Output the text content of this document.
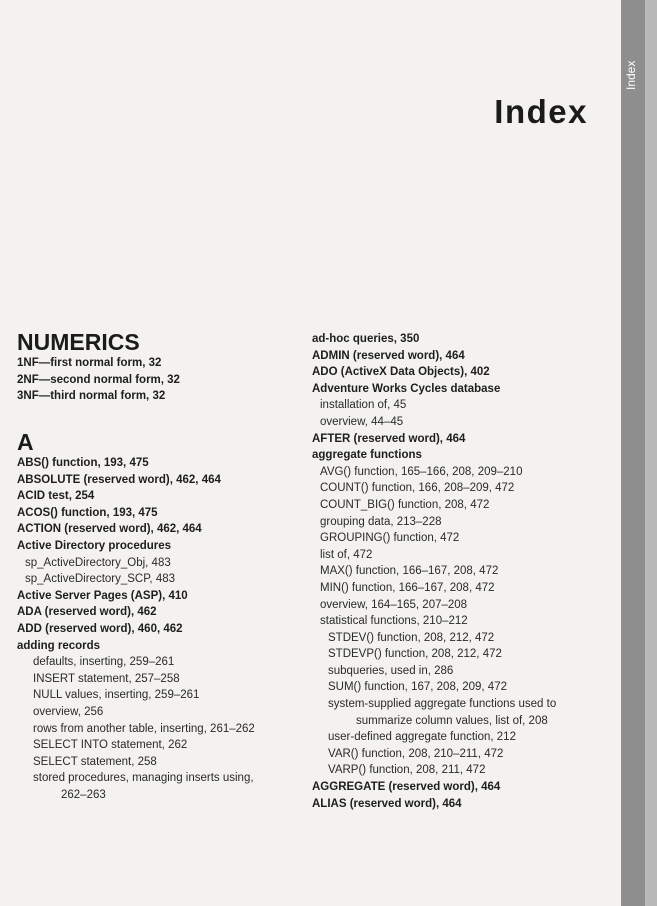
Index
Index
NUMERICS
1NF—first normal form, 32
2NF—second normal form, 32
3NF—third normal form, 32
A
ABS() function, 193, 475
ABSOLUTE (reserved word), 462, 464
ACID test, 254
ACOS() function, 193, 475
ACTION (reserved word), 462, 464
Active Directory procedures
sp_ActiveDirectory_Obj, 483
sp_ActiveDirectory_SCP, 483
Active Server Pages (ASP), 410
ADA (reserved word), 462
ADD (reserved word), 460, 462
adding records
defaults, inserting, 259–261
INSERT statement, 257–258
NULL values, inserting, 259–261
overview, 256
rows from another table, inserting, 261–262
SELECT INTO statement, 262
SELECT statement, 258
stored procedures, managing inserts using,
262–263
ad-hoc queries, 350
ADMIN (reserved word), 464
ADO (ActiveX Data Objects), 402
Adventure Works Cycles database
installation of, 45
overview, 44–45
AFTER (reserved word), 464
aggregate functions
AVG() function, 165–166, 208, 209–210
COUNT() function, 166, 208–209, 472
COUNT_BIG() function, 208, 472
grouping data, 213–228
GROUPING() function, 472
list of, 472
MAX() function, 166–167, 208, 472
MIN() function, 166–167, 208, 472
overview, 164–165, 207–208
statistical functions, 210–212
STDEV() function, 208, 212, 472
STDEVP() function, 208, 212, 472
subqueries, used in, 286
SUM() function, 167, 208, 209, 472
system-supplied aggregate functions used to
summarize column values, list of, 208
user-defined aggregate function, 212
VAR() function, 208, 210–211, 472
VARP() function, 208, 211, 472
AGGREGATE (reserved word), 464
ALIAS (reserved word), 464
